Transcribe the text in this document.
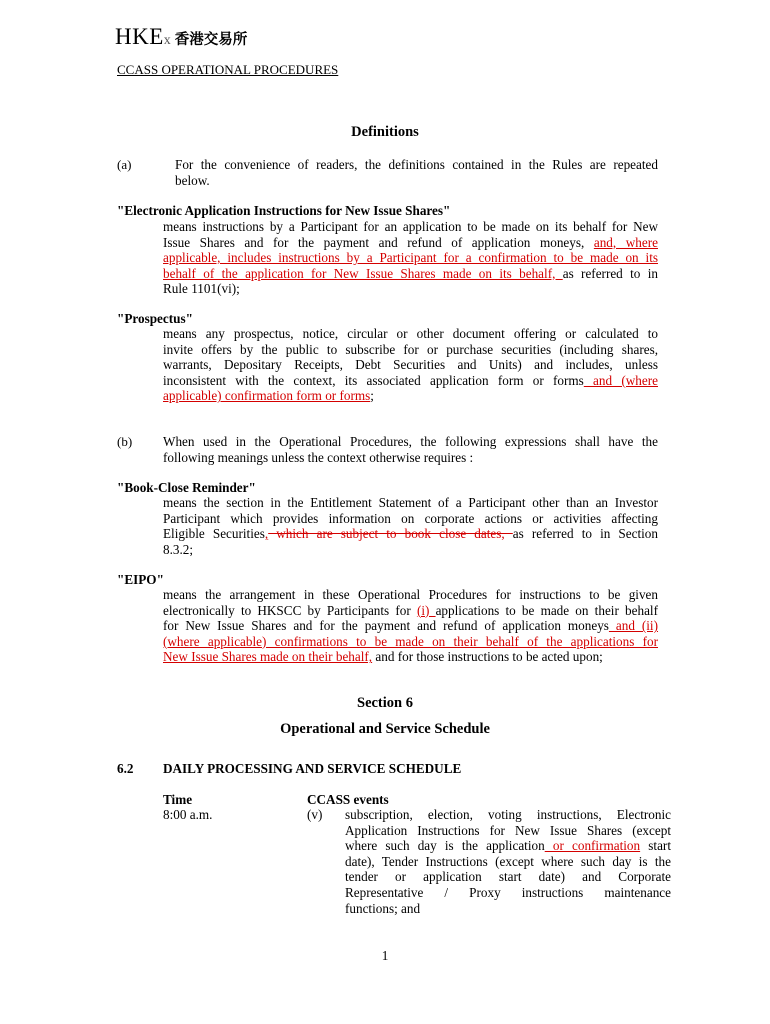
HKEx 香港交易所
CCASS OPERATIONAL PROCEDURES
Definitions
(a)	For the convenience of readers, the definitions contained in the Rules are repeated
below.
"Electronic Application Instructions for New Issue Shares"
means instructions by a Participant for an application to be made on its behalf for New
Issue Shares and for the payment and refund of application moneys, and, where
applicable, includes instructions by a Participant for a confirmation to be made on its
behalf of the application for New Issue Shares made on its behalf, as referred to in
Rule 1101(vi);
"Prospectus"
means any prospectus, notice, circular or other document offering or calculated to
invite offers by the public to subscribe for or purchase securities (including shares,
warrants, Depositary Receipts, Debt Securities and Units) and includes, unless
inconsistent with the context, its associated application form or forms and (where
applicable) confirmation form or forms;
(b) When used in the Operational Procedures, the following expressions shall have the
following meanings unless the context otherwise requires :
"Book-Close Reminder"
means the section in the Entitlement Statement of a Participant other than an Investor
Participant which provides information on corporate actions or activities affecting
Eligible Securities, which are subject to book close dates, as referred to in Section
8.3.2;
"EIPO"
means the arrangement in these Operational Procedures for instructions to be given
electronically to HKSCC by Participants for (i) applications to be made on their behalf
for New Issue Shares and for the payment and refund of application moneys and (ii)
(where applicable) confirmations to be made on their behalf of the applications for
New Issue Shares made on their behalf, and for those instructions to be acted upon;
Section 6
Operational and Service Schedule
6.2 DAILY PROCESSING AND SERVICE SCHEDULE
Time	CCASS events
8:00 a.m.	(v) subscription, election, voting instructions, Electronic
Application Instructions for New Issue Shares (except
where such day is the application or confirmation start
date), Tender Instructions (except where such day is the
tender or application start date) and Corporate
Representative / Proxy instructions maintenance
functions; and
1
